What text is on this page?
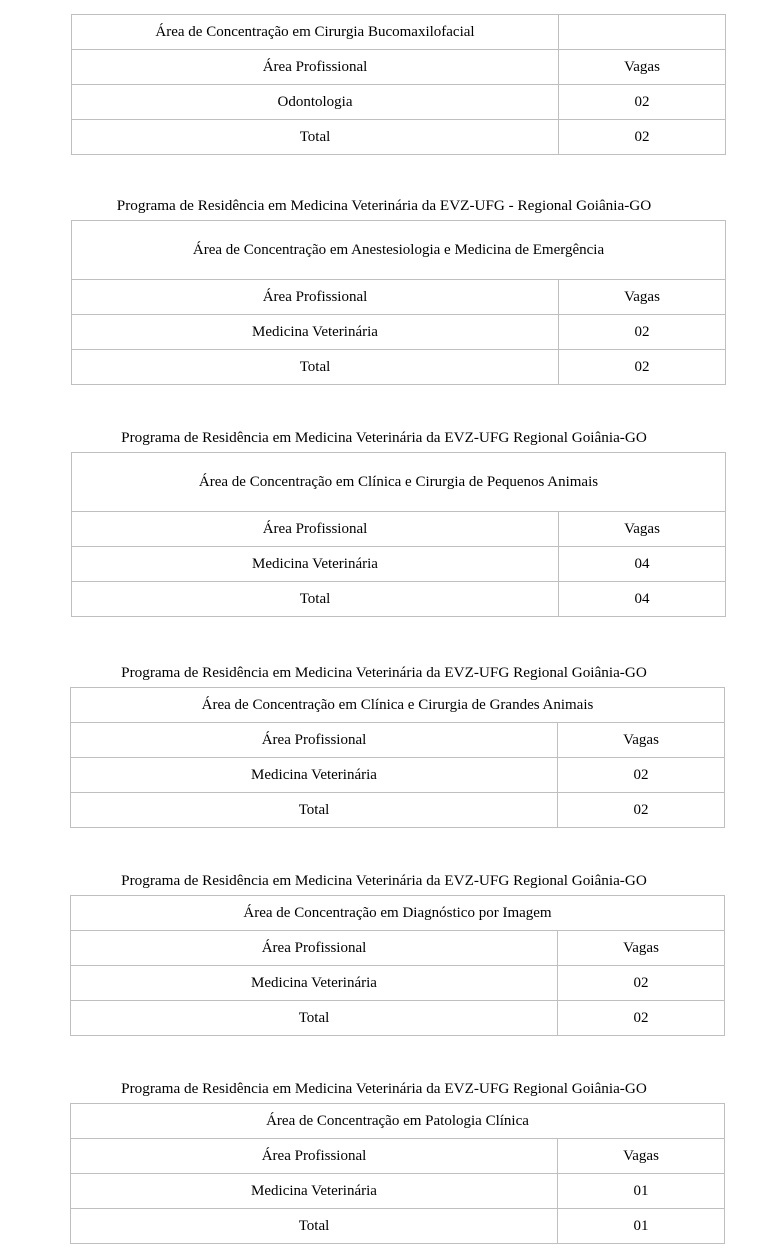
Área de Concentração em Cirurgia Bucomaxilofacial	
Área Profissional	Vagas
Odontologia	02
Total	02
Programa de Residência em Medicina Veterinária da EVZ-UFG - Regional Goiânia-GO
Área de Concentração em Anestesiologia e Medicina de Emergência	
Área Profissional	Vagas
Medicina Veterinária	02
Total	02
Programa de Residência em Medicina Veterinária da EVZ-UFG Regional Goiânia-GO
Área de Concentração em Clínica e Cirurgia de Pequenos Animais	
Área Profissional	Vagas
Medicina Veterinária	04
Total	04
Programa de Residência em Medicina Veterinária da EVZ-UFG Regional Goiânia-GO
Área de Concentração em Clínica e Cirurgia de Grandes Animais	
Área Profissional	Vagas
Medicina Veterinária	02
Total	02
Programa de Residência em Medicina Veterinária da EVZ-UFG Regional Goiânia-GO
Área de Concentração em Diagnóstico por Imagem	
Área Profissional	Vagas
Medicina Veterinária	02
Total	02
Programa de Residência em Medicina Veterinária da EVZ-UFG Regional Goiânia-GO
Área de Concentração em Patologia Clínica	
Área Profissional	Vagas
Medicina Veterinária	01
Total	01
